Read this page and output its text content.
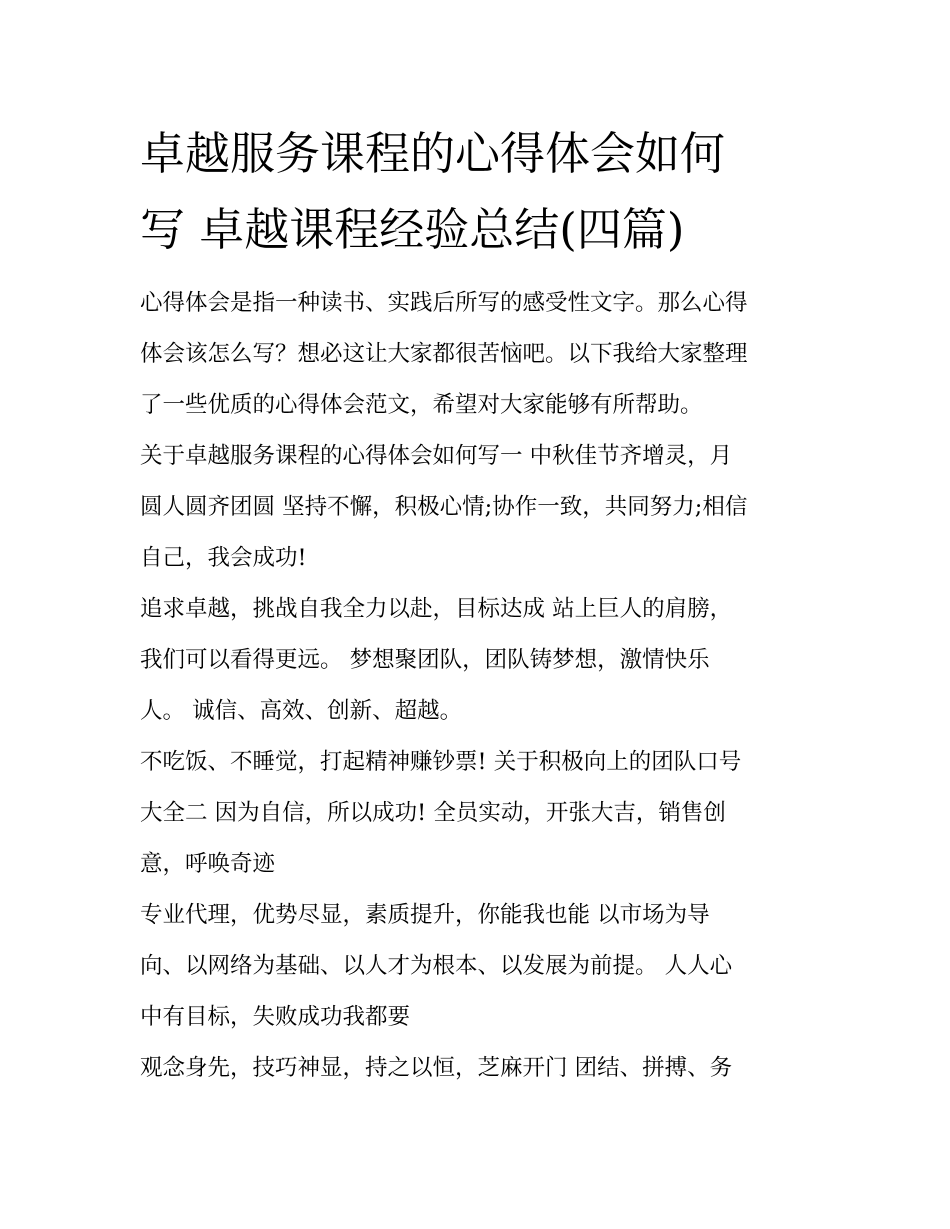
卓越服务课程的心得体会如何
写 卓越课程经验总结(四篇)
心得体会是指一种读书、实践后所写的感受性文字。那么心得
体会该怎么写？想必这让大家都很苦恼吧。以下我给大家整理
了一些优质的心得体会范文，希望对大家能够有所帮助。
关于卓越服务课程的心得体会如何写一 中秋佳节齐增灵，月
圆人圆齐团圆 坚持不懈，积极心情;协作一致，共同努力;相信
自己，我会成功!
追求卓越，挑战自我全力以赴，目标达成 站上巨人的肩膀，
我们可以看得更远。 梦想聚团队，团队铸梦想，激情快乐
人。 诚信、高效、创新、超越。
不吃饭、不睡觉，打起精神赚钞票! 关于积极向上的团队口号
大全二 因为自信，所以成功! 全员实动，开张大吉，销售创
意，呼唤奇迹
专业代理，优势尽显，素质提升，你能我也能 以市场为导
向、以网络为基础、以人才为根本、以发展为前提。 人人心
中有目标，失败成功我都要
观念身先，技巧神显，持之以恒，芝麻开门 团结、拼搏、务
